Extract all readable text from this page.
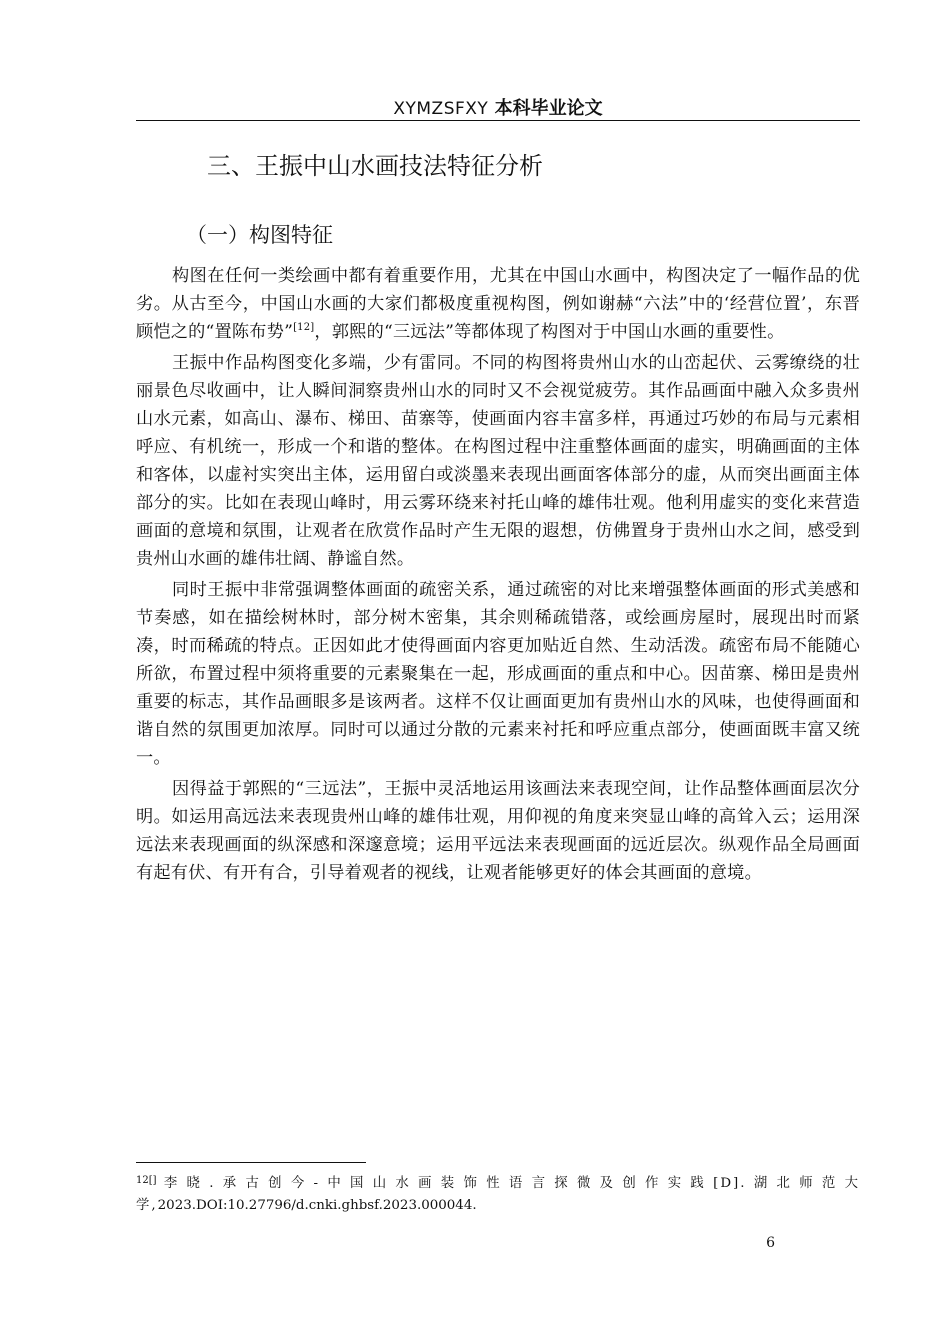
XYMZSFXY 本科毕业论文
三、王振中山水画技法特征分析
（一）构图特征

构图在任何一类绘画中都有着重要作用，尤其在中国山水画中，构图决定了一幅作品的优劣。从古至今，中国山水画的大家们都极度重视构图，例如谢赫“六法”中的‘经营位置’，东晋顾恺之的“置陈布势”[12]，郭熙的“三远法”等都体现了构图对于中国山水画的重要性。

王振中作品构图变化多端，少有雷同。不同的构图将贵州山水的山峦起伏、云雾缭绕的壮丽景色尽收画中，让人瞬间洞察贵州山水的同时又不会视觉疲劳。其作品画面中融入众多贵州山水元素，如高山、瀑布、梯田、苗寨等，使画面内容丰富多样，再通过巧妙的布局与元素相呼应、有机统一，形成一个和谐的整体。在构图过程中注重整体画面的虚实，明确画面的主体和客体，以虚衬实突出主体，运用留白或淡墨来表现出画面客体部分的虚，从而突出画面主体部分的实。比如在表现山峰时，用云雾环绕来衬托山峰的雄伟壮观。他利用虚实的变化来营造画面的意境和氛围，让观者在欣赏作品时产生无限的遐想，仿佛置身于贵州山水之间，感受到贵州山水画的雄伟壮阔、静谧自然。

同时王振中非常强调整体画面的疏密关系，通过疏密的对比来增强整体画面的形式美感和节奏感，如在描绘树林时，部分树木密集，其余则稀疏错落，或绘画房屋时，展现出时而紧凑，时而稀疏的特点。正因如此才使得画面内容更加贴近自然、生动活泼。疏密布局不能随心所欲，布置过程中须将重要的元素聚集在一起，形成画面的重点和中心。因苗寨、梯田是贵州重要的标志，其作品画眼多是该两者。这样不仅让画面更加有贵州山水的风味，也使得画面和谐自然的氛围更加浓厚。同时可以通过分散的元素来衬托和呼应重点部分，使画面既丰富又统一。

因得益于郭熙的“三远法”，王振中灵活地运用该画法来表现空间，让作品整体画面层次分明。如运用高远法来表现贵州山峰的雄伟壮观，用仰视的角度来突显山峰的高耸入云；运用深远法来表现画面的纵深感和深邃意境；运用平远法来表现画面的远近层次。纵观作品全局画面有起有伏、有开有合，引导着观者的视线，让观者能够更好的体会其画面的意境。

$^{12[]}$李晓.承古创今-中国山水画装饰性语言探微及创作实践[D].湖北师范大学,2023.DOI:10.27796/d.cnki.ghbsf.2023.000044.
6
